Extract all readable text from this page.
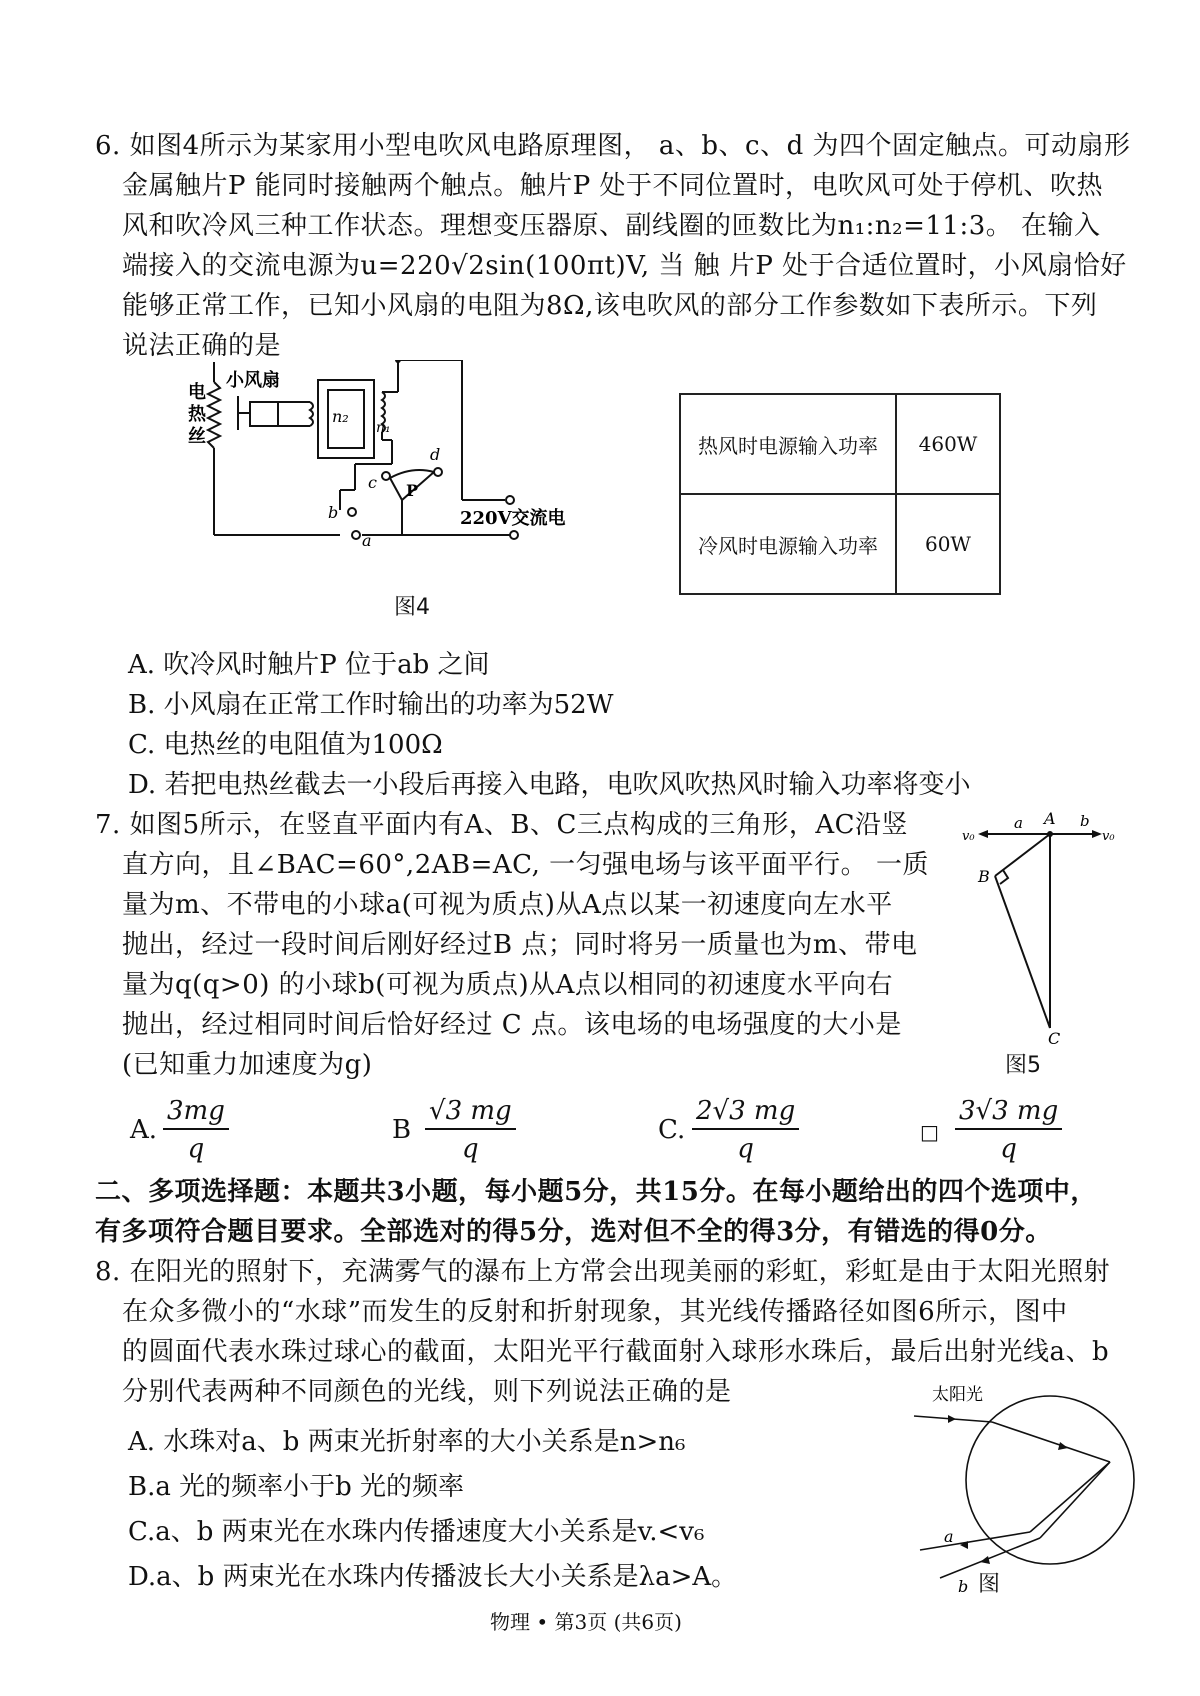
6. 如图4所示为某家用小型电吹风电路原理图， a、b、c、d 为四个固定触点。可动扇形
金属触片P 能同时接触两个触点。触片P 处于不同位置时，电吹风可处于停机、吹热
风和吹冷风三种工作状态。理想变压器原、副线圈的匝数比为n₁:n₂=11:3。 在输入
端接入的交流电源为u=220√2sin(100πt)V, 当 触 片P 处于合适位置时，小风扇恰好
能够正常工作，已知小风扇的电阻为8Ω,该电吹风的部分工作参数如下表所示。下列
说法正确的是
电
热
丝
小风扇
n₂
n₁
c
d
b
a
P
220V交流电
图4
热风时电源输入功率	460W
冷风时电源输入功率	60W
A. 吹冷风时触片P 位于ab 之间
B. 小风扇在正常工作时输出的功率为52W
C. 电热丝的电阻值为100Ω
D. 若把电热丝截去一小段后再接入电路，电吹风吹热风时输入功率将变小
7. 如图5所示，在竖直平面内有A、B、C三点构成的三角形，AC沿竖
直方向，且∠BAC=60°,2AB=AC, 一匀强电场与该平面平行。 一质
量为m、不带电的小球a(可视为质点)从A点以某一初速度向左水平
抛出，经过一段时间后刚好经过B 点；同时将另一质量也为m、带电
量为q(q>0) 的小球b(可视为质点)从A点以相同的初速度水平向右
抛出，经过相同时间后恰好经过 C 点。该电场的电场强度的大小是
(已知重力加速度为g)
v₀
a A b
v₀
B
C
图5
A. $\frac{3mg}{q}$	B $\frac{√3 mg}{q}$	C. $\frac{2√3 mg}{q}$	□ $\frac{3√3 mg}{q}$
二、多项选择题：本题共3小题，每小题5分，共15分。在每小题给出的四个选项中，
有多项符合题目要求。全部选对的得5分，选对但不全的得3分，有错选的得0分。
8. 在阳光的照射下，充满雾气的瀑布上方常会出现美丽的彩虹，彩虹是由于太阳光照射
在众多微小的“水球”而发生的反射和折射现象，其光线传播路径如图6所示，图中
的圆面代表水珠过球心的截面，太阳光平行截面射入球形水珠后，最后出射光线a、b
分别代表两种不同颜色的光线，则下列说法正确的是
A. 水珠对a、b 两束光折射率的大小关系是n>n₆
B.a 光的频率小于b 光的频率
C.a、b 两束光在水珠内传播速度大小关系是v.<v₆
D.a、b 两束光在水珠内传播波长大小关系是λa>A。
太阳光
a
b 图
物理 • 第3页 (共6页)
